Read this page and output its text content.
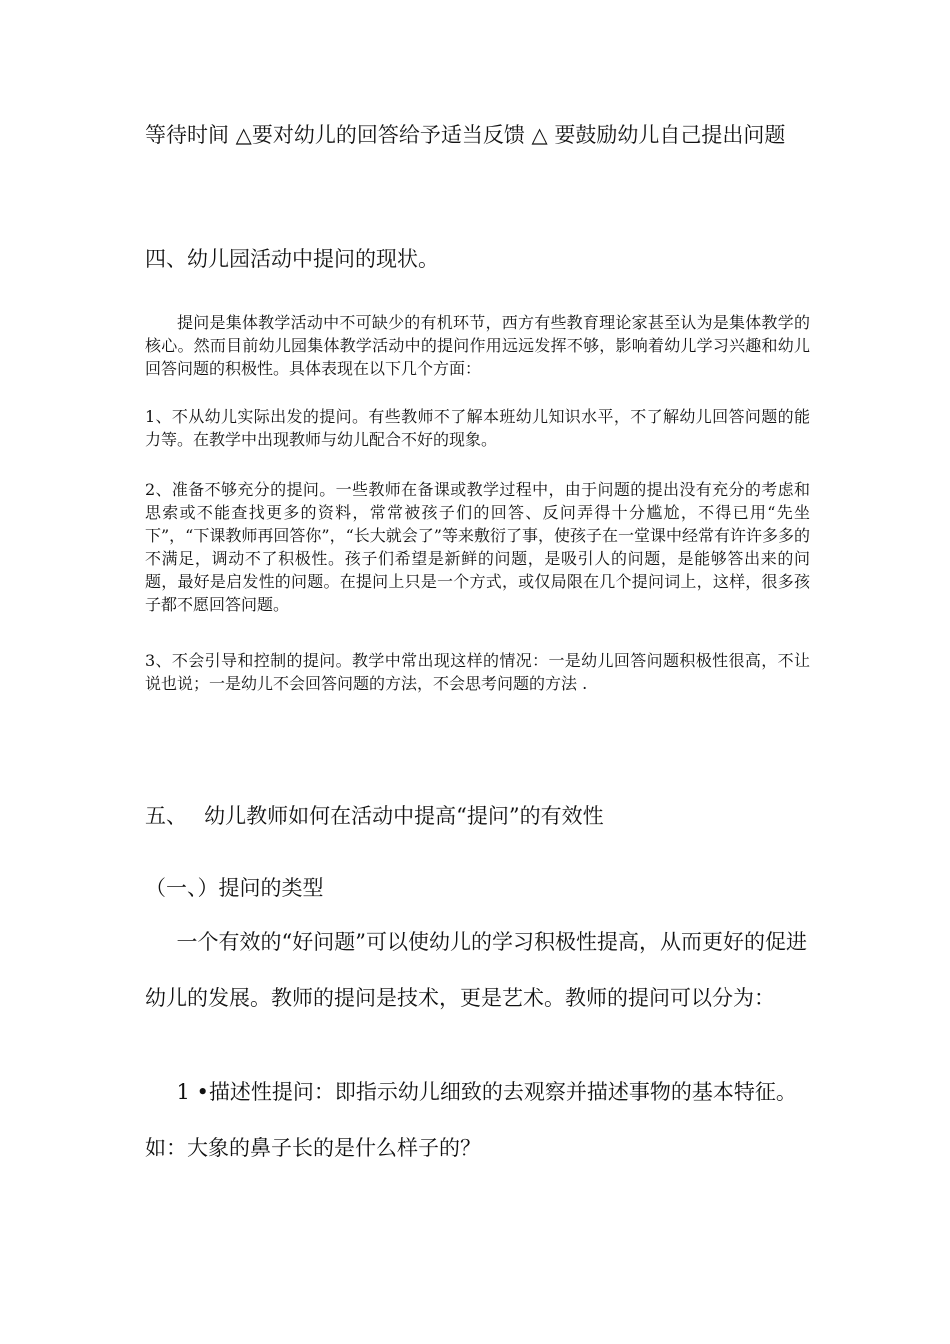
等待时间 △要对幼儿的回答给予适当反馈 △ 要鼓励幼儿自己提出问题

四、幼儿园活动中提问的现状。

提问是集体教学活动中不可缺少的有机环节，西方有些教育理论家甚至认为是集体教学的核心。然而目前幼儿园集体教学活动中的提问作用远远发挥不够，影响着幼儿学习兴趣和幼儿回答问题的积极性。具体表现在以下几个方面：

1、不从幼儿实际出发的提问。有些教师不了解本班幼儿知识水平，不了解幼儿回答问题的能力等。在教学中出现教师与幼儿配合不好的现象。

2、准备不够充分的提问。一些教师在备课或教学过程中，由于问题的提出没有充分的考虑和思索或不能查找更多的资料，常常被孩子们的回答、反问弄得十分尴尬，不得已用“先坐下”，“下课教师再回答你”，“长大就会了”等来敷衍了事，使孩子在一堂课中经常有许许多多的不满足，调动不了积极性。孩子们希望是新鲜的问题，是吸引人的问题，是能够答出来的问题，最好是启发性的问题。在提问上只是一个方式，或仅局限在几个提问词上，这样，很多孩子都不愿回答问题。

3、不会引导和控制的提问。教学中常出现这样的情况：一是幼儿回答问题积极性很高，不让说也说；一是幼儿不会回答问题的方法，不会思考问题的方法 .

五、　 幼儿教师如何在活动中提高“提问”的有效性

（一、）提问的类型

一个有效的“好问题”可以使幼儿的学习积极性提高，从而更好的促进幼儿的发展。教师的提问是技术，更是艺术。教师的提问可以分为：

1 •描述性提问：即指示幼儿细致的去观察并描述事物的基本特征。如：大象的鼻子长的是什么样子的？
